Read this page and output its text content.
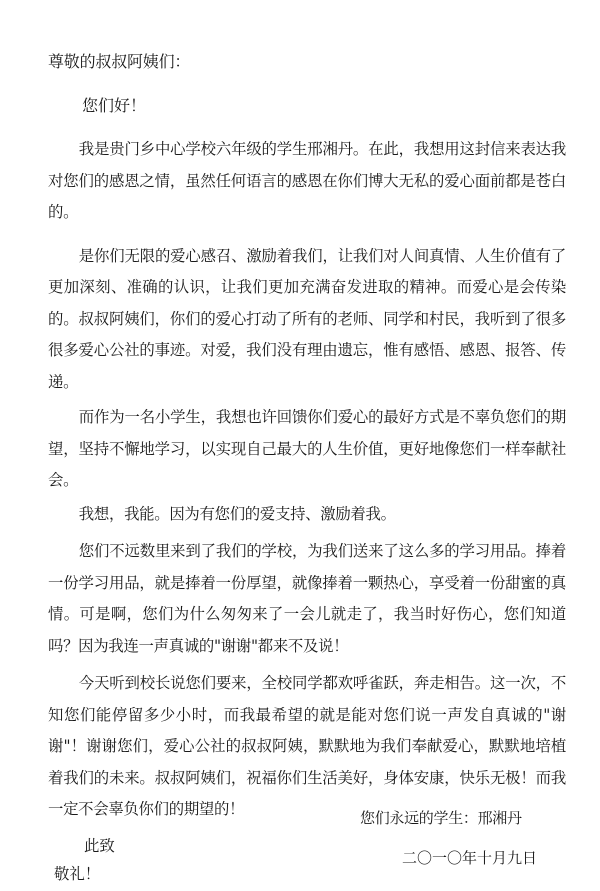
尊敬的叔叔阿姨们：
您们好！

我是贵门乡中心学校六年级的学生邢湘丹。在此，我想用这封信来表达我对您们的感恩之情，虽然任何语言的感恩在你们博大无私的爱心面前都是苍白的。

是你们无限的爱心感召、激励着我们，让我们对人间真情、人生价值有了更加深刻、准确的认识，让我们更加充满奋发进取的精神。而爱心是会传染的。叔叔阿姨们，你们的爱心打动了所有的老师、同学和村民，我听到了很多很多爱心公社的事迹。对爱，我们没有理由遗忘，惟有感悟、感恩、报答、传递。

而作为一名小学生，我想也许回馈你们爱心的最好方式是不辜负您们的期望，坚持不懈地学习，以实现自己最大的人生价值，更好地像您们一样奉献社会。

我想，我能。因为有您们的爱支持、激励着我。

您们不远数里来到了我们的学校，为我们送来了这么多的学习用品。捧着一份学习用品，就是捧着一份厚望，就像捧着一颗热心，享受着一份甜蜜的真情。可是啊，您们为什么匆匆来了一会儿就走了，我当时好伤心，您们知道吗？因为我连一声真诚的"谢谢"都来不及说！

今天听到校长说您们要来，全校同学都欢呼雀跃，奔走相告。这一次，不知您们能停留多少小时，而我最希望的就是能对您们说一声发自真诚的"谢谢"！谢谢您们，爱心公社的叔叔阿姨，默默地为我们奉献爱心，默默地培植着我们的未来。叔叔阿姨们，祝福你们生活美好，身体安康，快乐无极！而我一定不会辜负你们的期望的！

此致
敬礼！
您们永远的学生：邢湘丹
二〇一〇年十月九日
